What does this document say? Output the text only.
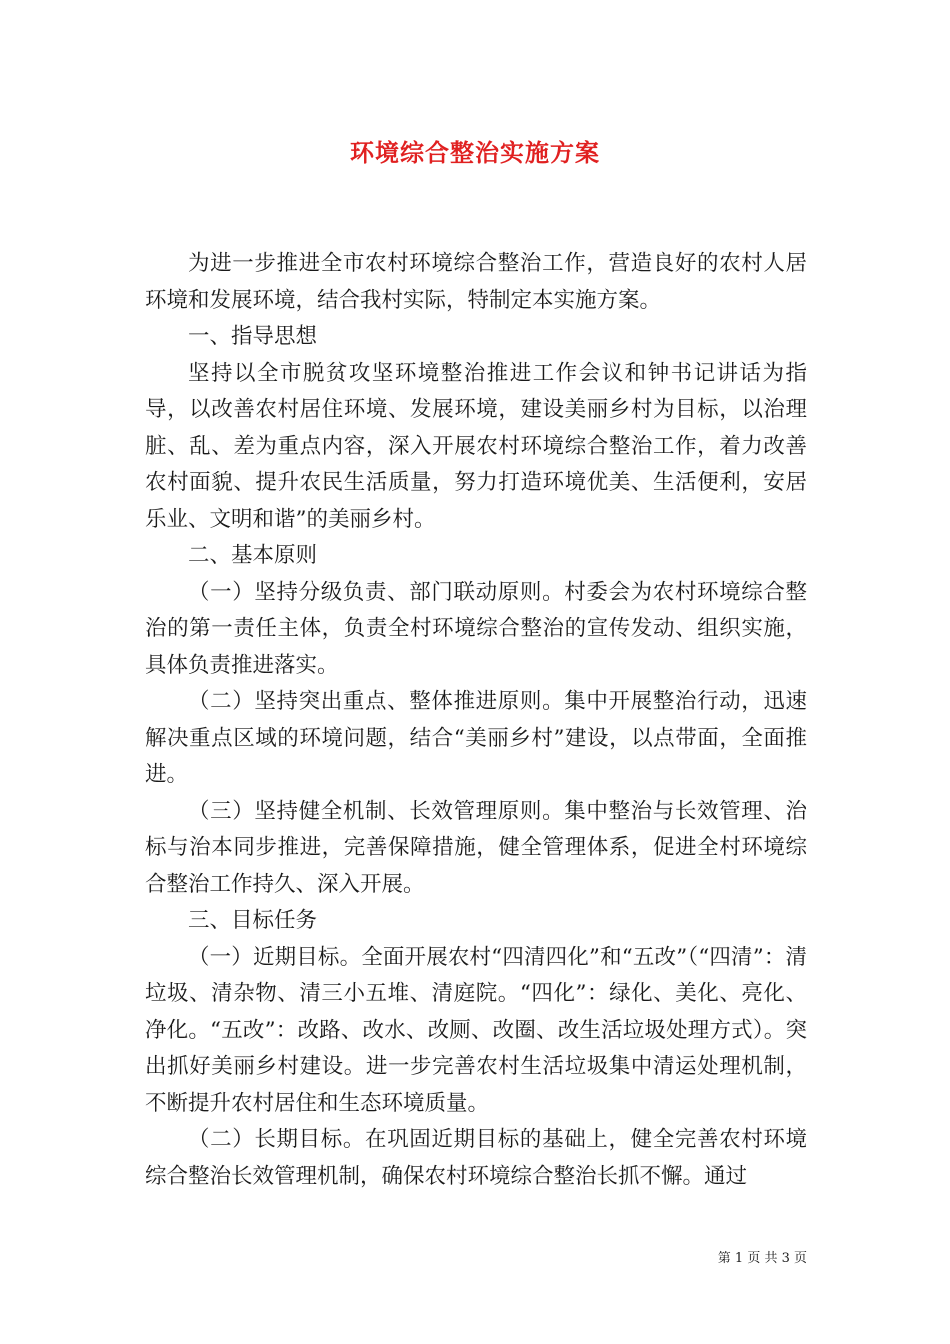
环境综合整治实施方案

为进一步推进全市农村环境综合整治工作，营造良好的农村人居环境和发展环境，结合我村实际，特制定本实施方案。

一、指导思想

坚持以全市脱贫攻坚环境整治推进工作会议和钟书记讲话为指导，以改善农村居住环境、发展环境，建设美丽乡村为目标，以治理脏、乱、差为重点内容，深入开展农村环境综合整治工作，着力改善农村面貌、提升农民生活质量，努力打造环境优美、生活便利，安居乐业、文明和谐”的美丽乡村。

二、基本原则

（一）坚持分级负责、部门联动原则。村委会为农村环境综合整治的第一责任主体，负责全村环境综合整治的宣传发动、组织实施，具体负责推进落实。

（二）坚持突出重点、整体推进原则。集中开展整治行动，迅速解决重点区域的环境问题，结合“美丽乡村”建设，以点带面，全面推进。

（三）坚持健全机制、长效管理原则。集中整治与长效管理、治标与治本同步推进，完善保障措施，健全管理体系，促进全村环境综合整治工作持久、深入开展。

三、目标任务

（一）近期目标。全面开展农村“四清四化”和“五改”（“四清”：清垃圾、清杂物、清三小五堆、清庭院。“四化”：绿化、美化、亮化、净化。“五改”：改路、改水、改厕、改圈、改生活垃圾处理方式）。突出抓好美丽乡村建设。进一步完善农村生活垃圾集中清运处理机制，不断提升农村居住和生态环境质量。

（二）长期目标。在巩固近期目标的基础上，健全完善农村环境综合整治长效管理机制，确保农村环境综合整治长抓不懈。通过

第 1 页 共 3 页
